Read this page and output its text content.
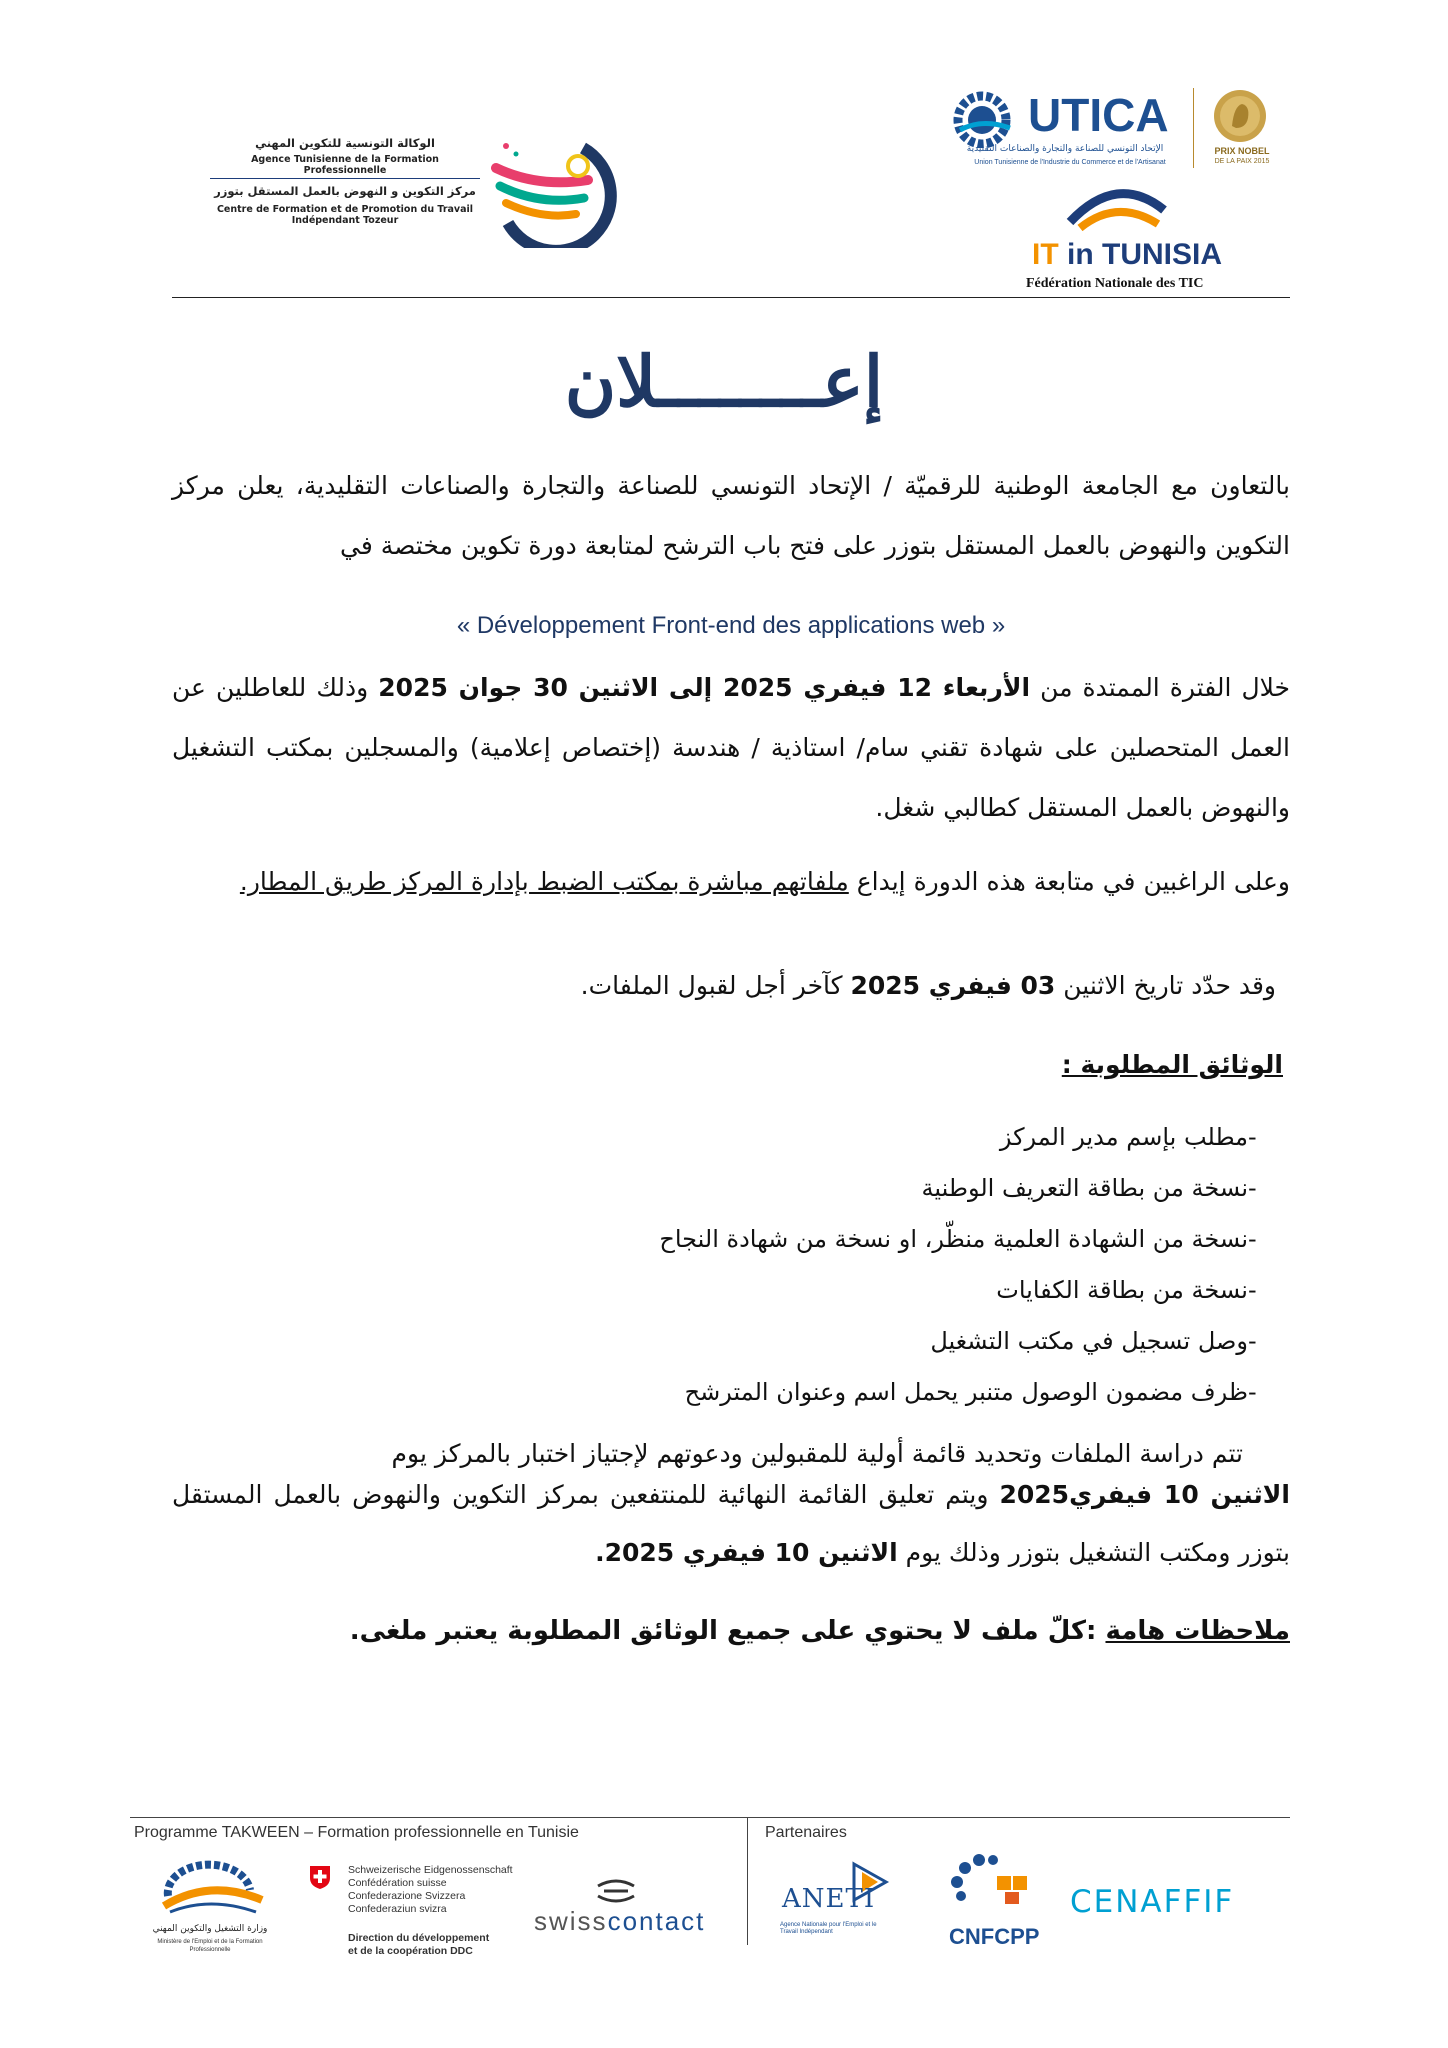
الوكالة التونسية للتكوين المهني
Agence Tunisienne de la Formation Professionnelle
مركز التكوين و النهوض بالعمل المستقل بتوزر
Centre de Formation et de Promotion du Travail Indépendant Tozeur
UTICA
الإتحاد التونسي للصناعة والتجارة والصناعات التقليدية
Union Tunisienne de l'Industrie du Commerce et de l'Artisanat
PRIX NOBEL
DE LA PAIX 2015
IT in TUNISIA
Fédération Nationale des TIC
إعــــــــلان
بالتعاون مع الجامعة الوطنية للرقميّة / الإتحاد التونسي للصناعة والتجارة والصناعات التقليدية، يعلن مركز التكوين والنهوض بالعمل المستقل بتوزر على فتح باب الترشح لمتابعة دورة تكوين مختصة في
« Développement Front-end des applications web »
خلال الفترة الممتدة من الأربعاء 12 فيفري 2025 إلى الاثنين 30 جوان 2025 وذلك للعاطلين عن العمل المتحصلين على شهادة تقني سام/ استاذية / هندسة (إختصاص إعلامية) والمسجلين بمكتب التشغيل والنهوض بالعمل المستقل كطالبي شغل.
وعلى الراغبين في متابعة هذه الدورة إيداع ملفاتهم مباشرة بمكتب الضبط بإدارة المركز طريق المطار.
وقد حدّد تاريخ الاثنين 03 فيفري 2025 كآخر أجل لقبول الملفات.
الوثائق المطلوبة :
-
مطلب بإسم مدير المركز
-
نسخة من بطاقة التعريف الوطنية
-
نسخة من الشهادة العلمية منظّر، او نسخة من شهادة النجاح
-
نسخة من بطاقة الكفايات
-
وصل تسجيل في مكتب التشغيل
-
ظرف مضمون الوصول متنبر يحمل اسم وعنوان المترشح
تتم دراسة الملفات وتحديد قائمة أولية للمقبولين ودعوتهم لإجتياز اختبار بالمركز يوم
الاثنين 10 فيفري2025 ويتم تعليق القائمة النهائية للمنتفعين بمركز التكوين والنهوض بالعمل المستقل بتوزر ومكتب التشغيل بتوزر وذلك يوم الاثنين 10 فيفري 2025.
ملاحظات هامة :كلّ ملف لا يحتوي على جميع الوثائق المطلوبة يعتبر ملغى.
Programme TAKWEEN – Formation professionnelle en Tunisie	Partenaires
وزارة التشغيل والتكوين المهني
Ministère de l'Emploi et de la Formation Professionnelle
Schweizerische Eidgenossenschaft
Confédération suisse
Confederazione Svizzera
Confederaziun svizra
Direction du développement
et de la coopération DDC
swisscontact
ANETI
Agence Nationale pour l'Emploi et le Travail Indépendant	CNFCPP
CENAFFIF
